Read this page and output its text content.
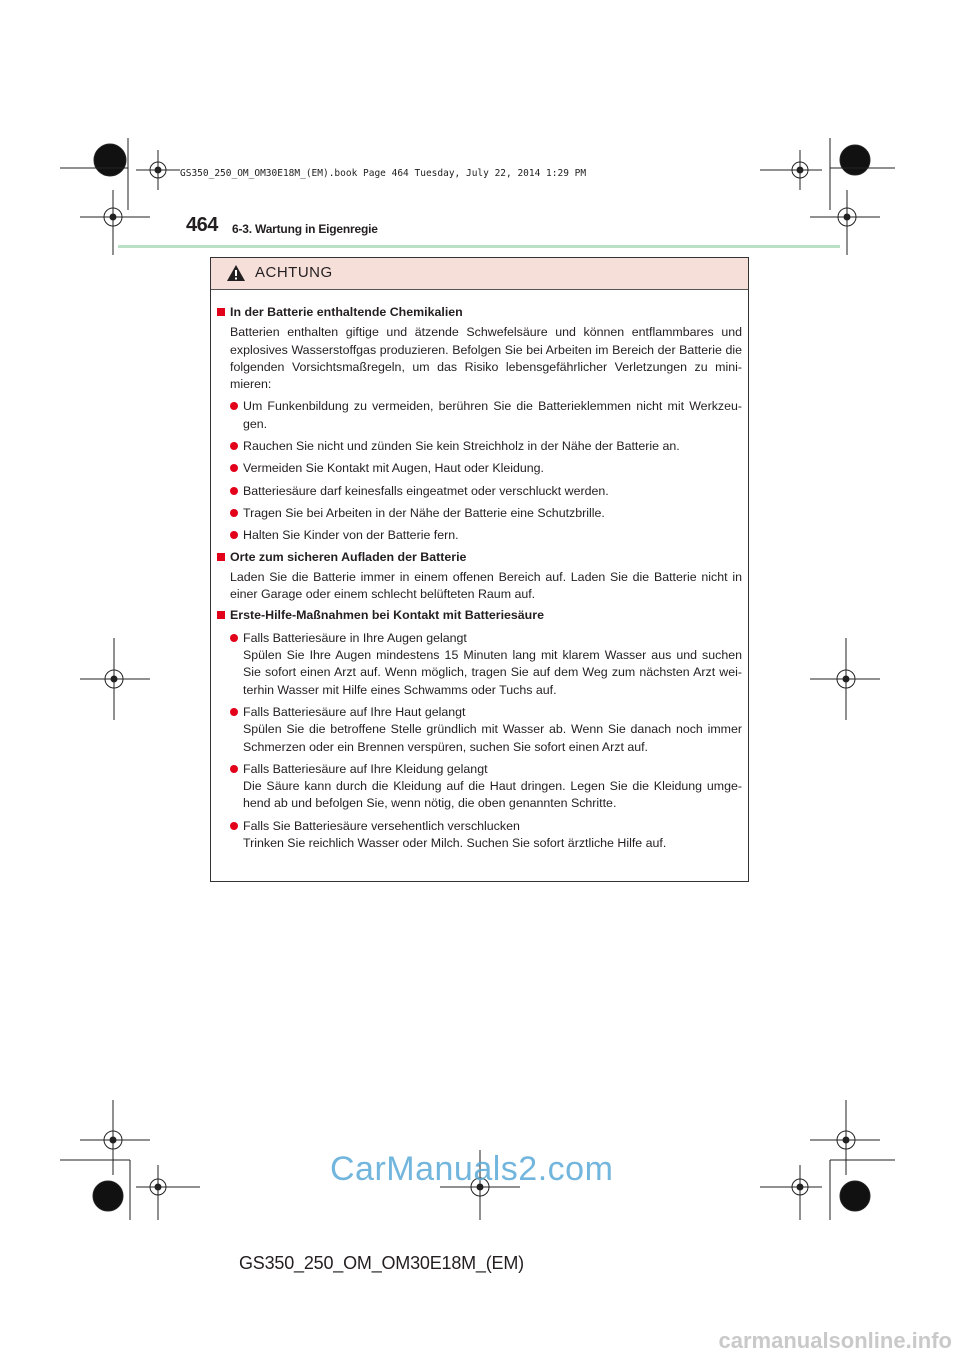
GS350_250_OM_OM30E18M_(EM).book Page 464 Tuesday, July 22, 2014 1:29 PM
464 6-3. Wartung in Eigenregie
ACHTUNG
In der Batterie enthaltende Chemikalien
Batterien enthalten giftige und ätzende Schwefelsäure und können entflammbares und explosives Wasserstoffgas produzieren. Befolgen Sie bei Arbeiten im Bereich der Batterie die folgenden Vorsichtsmaßregeln, um das Risiko lebensgefährlicher Verletzungen zu mini-mieren:
Um Funkenbildung zu vermeiden, berühren Sie die Batterieklemmen nicht mit Werkzeu-gen.
Rauchen Sie nicht und zünden Sie kein Streichholz in der Nähe der Batterie an.
Vermeiden Sie Kontakt mit Augen, Haut oder Kleidung.
Batteriesäure darf keinesfalls eingeatmet oder verschluckt werden.
Tragen Sie bei Arbeiten in der Nähe der Batterie eine Schutzbrille.
Halten Sie Kinder von der Batterie fern.
Orte zum sicheren Aufladen der Batterie
Laden Sie die Batterie immer in einem offenen Bereich auf. Laden Sie die Batterie nicht in einer Garage oder einem schlecht belüfteten Raum auf.
Erste-Hilfe-Maßnahmen bei Kontakt mit Batteriesäure
Falls Batteriesäure in Ihre Augen gelangt
Spülen Sie Ihre Augen mindestens 15 Minuten lang mit klarem Wasser aus und suchen Sie sofort einen Arzt auf. Wenn möglich, tragen Sie auf dem Weg zum nächsten Arzt wei-terhin Wasser mit Hilfe eines Schwamms oder Tuchs auf.
Falls Batteriesäure auf Ihre Haut gelangt
Spülen Sie die betroffene Stelle gründlich mit Wasser ab. Wenn Sie danach noch immer Schmerzen oder ein Brennen verspüren, suchen Sie sofort einen Arzt auf.
Falls Batteriesäure auf Ihre Kleidung gelangt
Die Säure kann durch die Kleidung auf die Haut dringen. Legen Sie die Kleidung umge-hend ab und befolgen Sie, wenn nötig, die oben genannten Schritte.
Falls Sie Batteriesäure versehentlich verschlucken
Trinken Sie reichlich Wasser oder Milch. Suchen Sie sofort ärztliche Hilfe auf.
CarManuals2.com
GS350_250_OM_OM30E18M_(EM)
carmanualsonline.info
